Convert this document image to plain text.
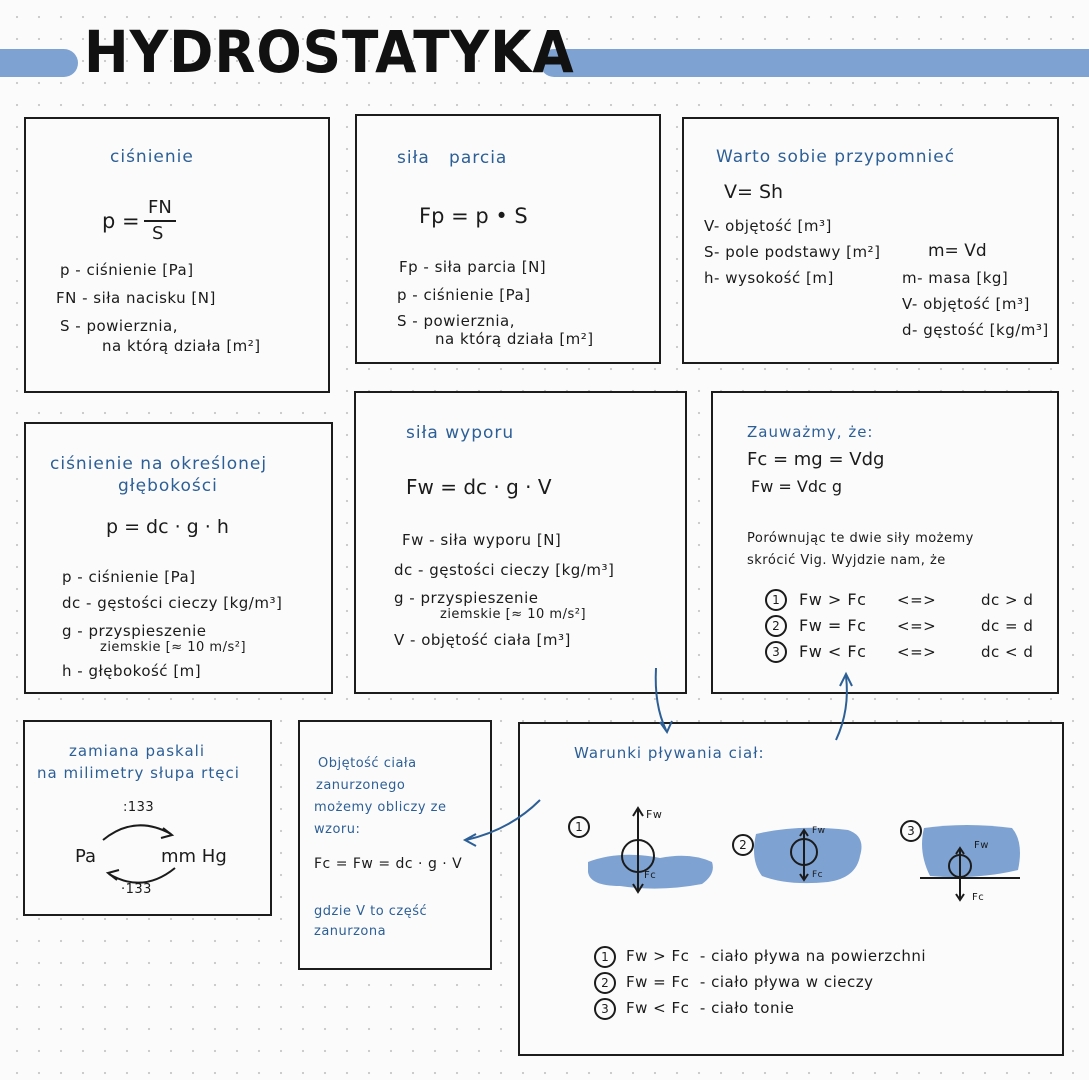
HYDROSTATYKA
ciśnienie
p =
FN
S
p - ciśnienie [Pa]
FN - siła nacisku [N]
S - powierznia,
na którą działa [m²]
siła   parcia
Fp = p • S
Fp - siła parcia [N]
p - ciśnienie [Pa]
S - powierznia,
na którą działa [m²]
Warto sobie przypomnieć
V= Sh
V- objętość [m³]
S- pole podstawy [m²]
h- wysokość [m]
m= Vd
m- masa [kg]
V- objętość [m³]
d- gęstość [kg/m³]
ciśnienie na określonej
głębokości
p = dc · g · h
p - ciśnienie [Pa]
dc - gęstości cieczy [kg/m³]
g - przyspieszenie
ziemskie [≈ 10 m/s²]
h - głębokość [m]
siła wyporu
Fw = dc · g · V
Fw - siła wyporu [N]
dc - gęstości cieczy [kg/m³]
g - przyspieszenie
ziemskie [≈ 10 m/s²]
V - objętość ciała [m³]
Zauważmy, że:
Fc = mg = Vdg
Fw = Vdc g
Porównując te dwie siły możemy
skrócić Vig. Wyjdzie nam, że
1	Fw > Fc <=>	dc > d
2	Fw = Fc <=>	dc = d
3	Fw < Fc <=>	dc < d
zamiana paskali
na milimetry słupa rtęci
:133
Pa	mm Hg
·133
Objętość ciała
zanurzonego
możemy obliczy ze
wzoru:
Fc = Fw = dc · g · V
gdzie V to część
zanurzona
Warunki pływania ciał:
1
Fw
Fc
2
Fw
Fc
3
Fw
Fc
1	Fw > Fc  - ciało pływa na powierzchni
2	Fw = Fc  - ciało pływa w cieczy
3	Fw < Fc  - ciało tonie
